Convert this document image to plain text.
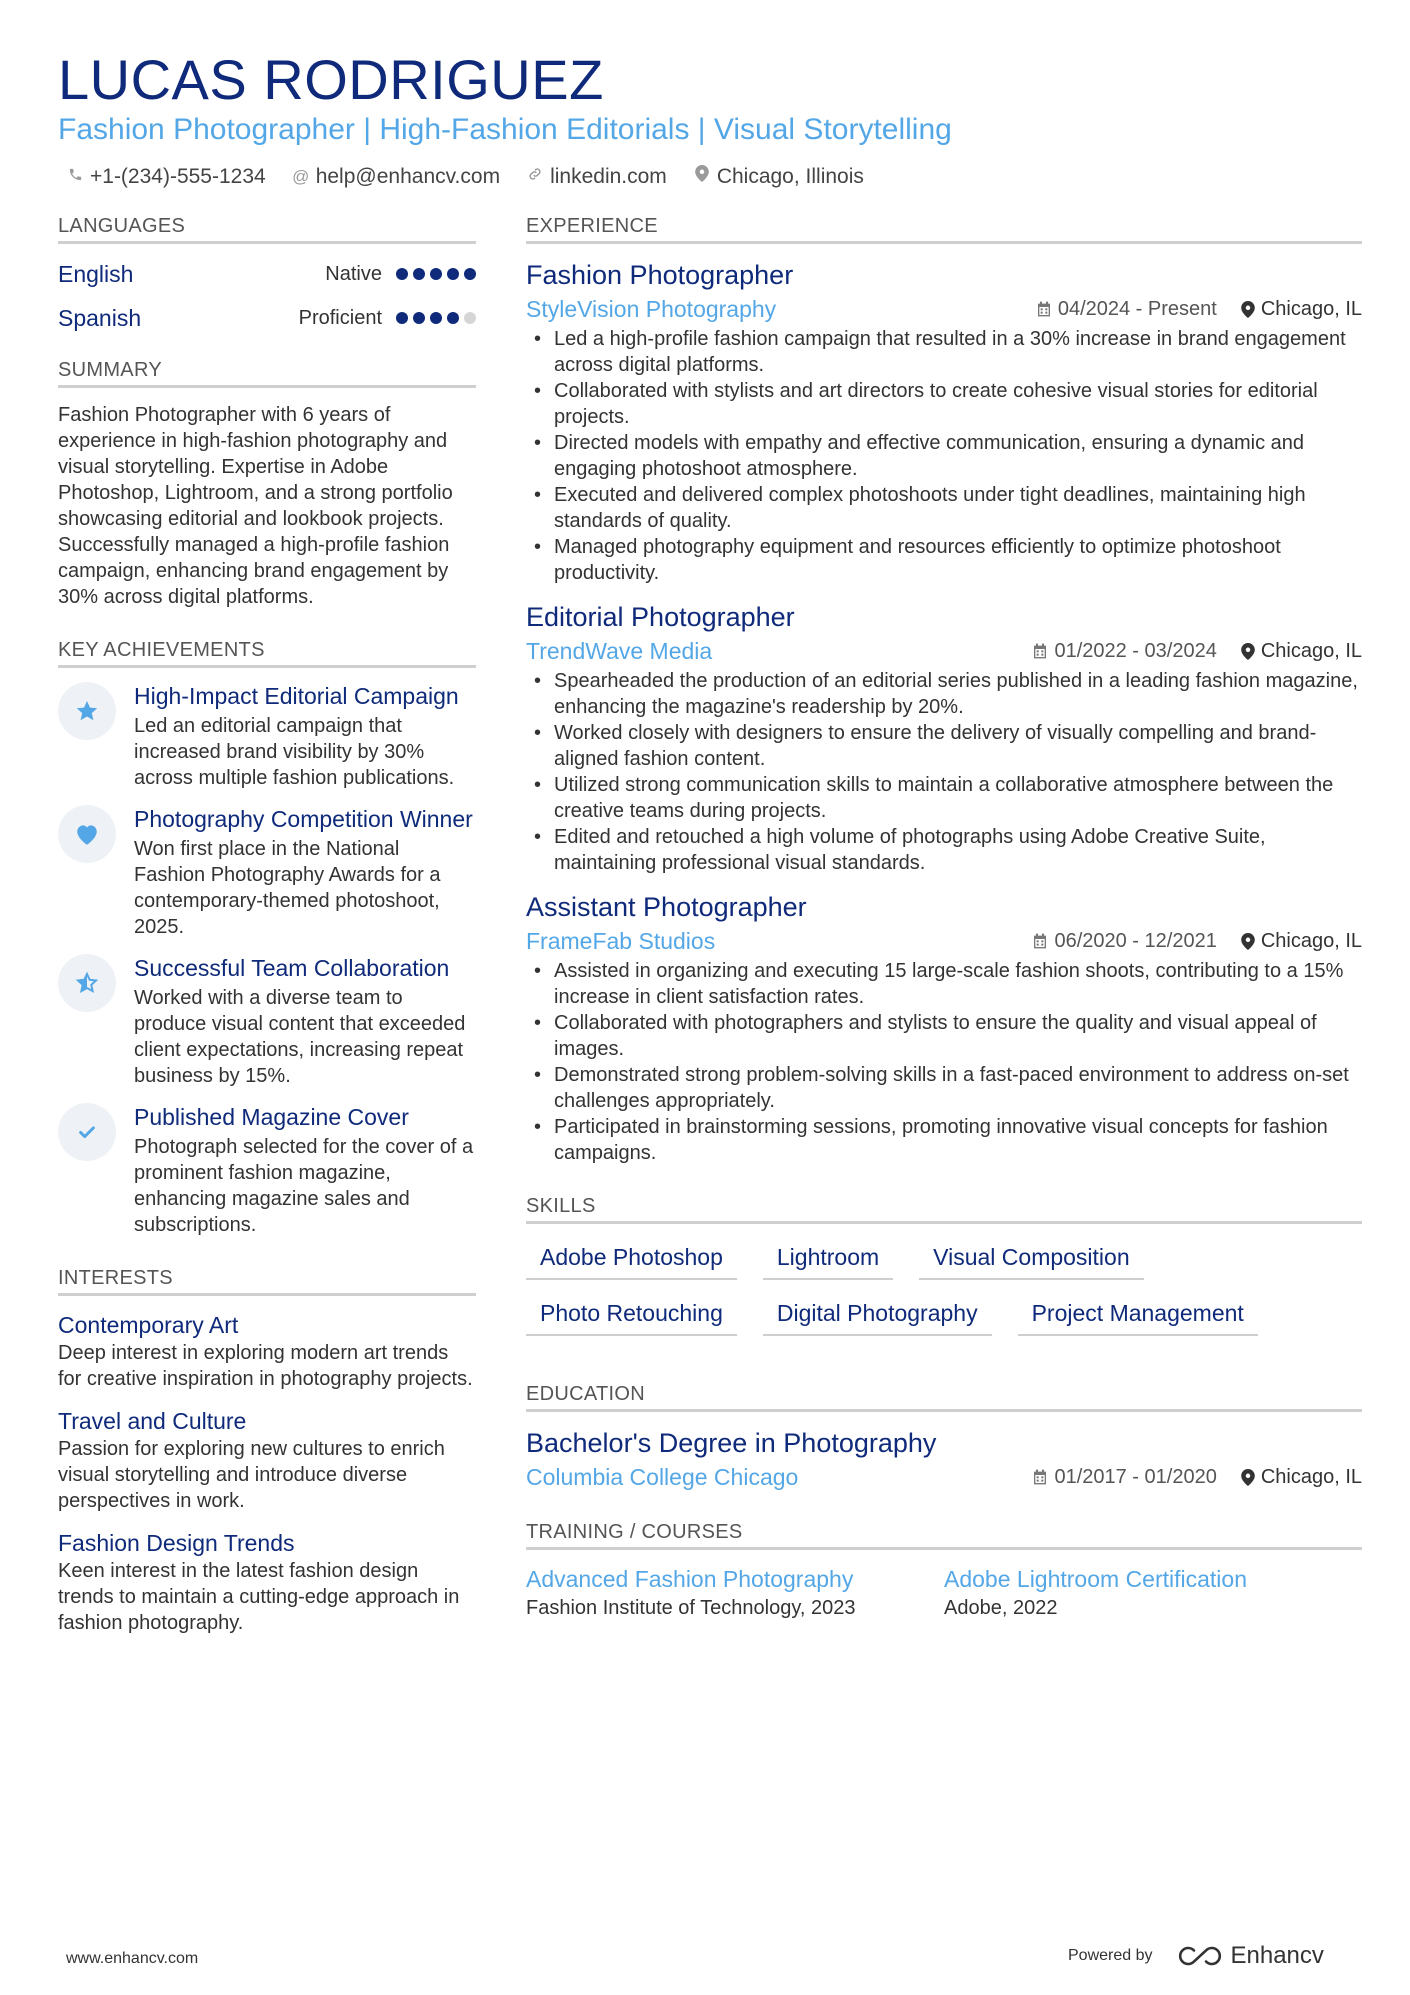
LUCAS RODRIGUEZ
Fashion Photographer | High-Fashion Editorials | Visual Storytelling
+1-(234)-555-1234 @ help@enhancv.com linkedin.com Chicago, Illinois
LANGUAGES
English	Native
Spanish	Proficient
SUMMARY
Fashion Photographer with 6 years of experience in high-fashion photography and visual storytelling. Expertise in Adobe Photoshop, Lightroom, and a strong portfolio showcasing editorial and lookbook projects. Successfully managed a high-profile fashion campaign, enhancing brand engagement by 30% across digital platforms.
KEY ACHIEVEMENTS
High-Impact Editorial Campaign
Led an editorial campaign that increased brand visibility by 30% across multiple fashion publications.
Photography Competition Winner
Won first place in the National Fashion Photography Awards for a contemporary-themed photoshoot, 2025.
Successful Team Collaboration
Worked with a diverse team to produce visual content that exceeded client expectations, increasing repeat business by 15%.
Published Magazine Cover
Photograph selected for the cover of a prominent fashion magazine, enhancing magazine sales and subscriptions.
INTERESTS
Contemporary Art
Deep interest in exploring modern art trends for creative inspiration in photography projects.
Travel and Culture
Passion for exploring new cultures to enrich visual storytelling and introduce diverse perspectives in work.
Fashion Design Trends
Keen interest in the latest fashion design trends to maintain a cutting-edge approach in fashion photography.
EXPERIENCE
Fashion Photographer
StyleVision Photography	04/2024 - Present Chicago, IL
• Led a high-profile fashion campaign that resulted in a 30% increase in brand engagement across digital platforms.
• Collaborated with stylists and art directors to create cohesive visual stories for editorial projects.
• Directed models with empathy and effective communication, ensuring a dynamic and engaging photoshoot atmosphere.
• Executed and delivered complex photoshoots under tight deadlines, maintaining high standards of quality.
• Managed photography equipment and resources efficiently to optimize photoshoot productivity.
Editorial Photographer
TrendWave Media	01/2022 - 03/2024 Chicago, IL
• Spearheaded the production of an editorial series published in a leading fashion magazine, enhancing the magazine's readership by 20%.
• Worked closely with designers to ensure the delivery of visually compelling and brand-aligned fashion content.
• Utilized strong communication skills to maintain a collaborative atmosphere between the creative teams during projects.
• Edited and retouched a high volume of photographs using Adobe Creative Suite, maintaining professional visual standards.
Assistant Photographer
FrameFab Studios	06/2020 - 12/2021 Chicago, IL
• Assisted in organizing and executing 15 large-scale fashion shoots, contributing to a 15% increase in client satisfaction rates.
• Collaborated with photographers and stylists to ensure the quality and visual appeal of images.
• Demonstrated strong problem-solving skills in a fast-paced environment to address on-set challenges appropriately.
• Participated in brainstorming sessions, promoting innovative visual concepts for fashion campaigns.
SKILLS
Adobe Photoshop	Lightroom	Visual Composition
Photo Retouching	Digital Photography	Project Management
EDUCATION
Bachelor's Degree in Photography
Columbia College Chicago	01/2017 - 01/2020 Chicago, IL
TRAINING / COURSES
Advanced Fashion Photography
Fashion Institute of Technology, 2023
Adobe Lightroom Certification
Adobe, 2022
www.enhancv.com	Powered by	Enhancv
